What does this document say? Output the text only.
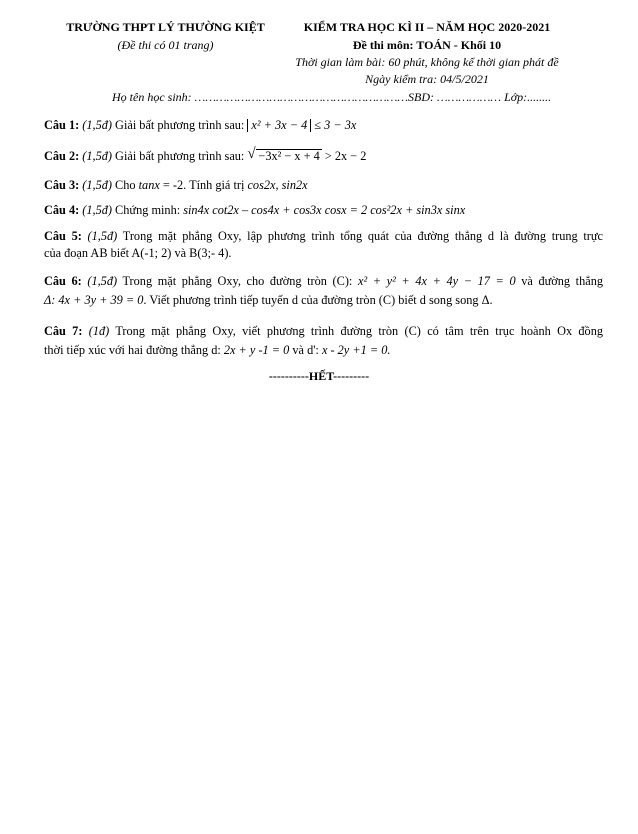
TRƯỜNG THPT LÝ THƯỜNG KIỆT
(Đề thi có 01 trang)
KIỂM TRA HỌC KÌ II – NĂM HỌC 2020-2021
Đề thi môn: TOÁN - Khối 10
Thời gian làm bài: 60 phút, không kể thời gian phát đề
Ngày kiểm tra: 04/5/2021
Họ tên học sinh: ……………………………………………………SBD: ……………… Lớp:........
Câu 1: (1,5đ) Giải bất phương trình sau: x² + 3x − 4 ≤ 3 − 3x
Câu 2: (1,5đ) Giải bất phương trình sau: √ −3x² − x + 4 > 2x − 2
Câu 3: (1,5đ) Cho tanx = -2. Tính giá trị cos2x, sin2x
Câu 4: (1,5đ) Chứng minh: sin4x cot2x – cos4x + cos3x cosx = 2 cos²2x + sin3x sinx
Câu 5: (1,5đ) Trong mặt phẳng Oxy, lập phương trình tổng quát của đường thẳng d là đường trung trực
của đoạn AB biết A(-1; 2) và B(3;- 4).
Câu 6: (1,5đ) Trong mặt phẳng Oxy, cho đường tròn (C): x² + y² + 4x + 4y − 17 = 0 và đường thẳng
Δ: 4x + 3y + 39 = 0. Viết phương trình tiếp tuyến d của đường tròn (C) biết d song song Δ.
Câu 7: (1đ) Trong mặt phẳng Oxy, viết phương trình đường tròn (C) có tâm trên trục hoành Ox đồng
thời tiếp xúc với hai đường thẳng d: 2x + y -1 = 0 và d': x - 2y +1 = 0.
----------HẾT---------
